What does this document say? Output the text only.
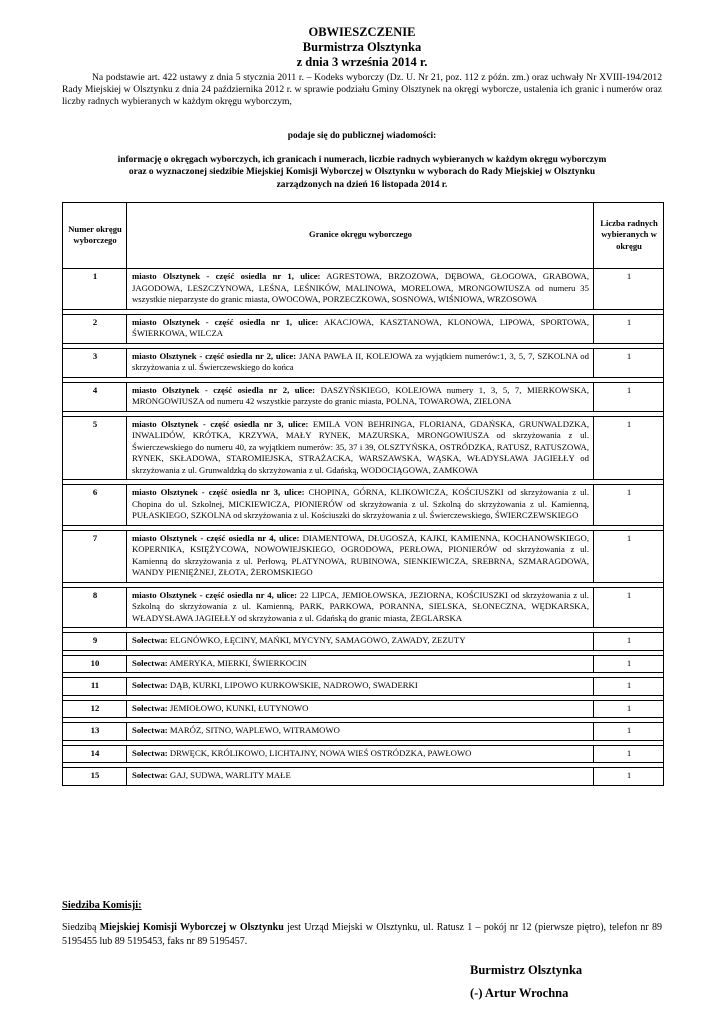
OBWIESZCZENIE
Burmistrza Olsztynka
z dnia 3 września 2014 r.
Na podstawie art. 422 ustawy z dnia 5 stycznia 2011 r. – Kodeks wyborczy (Dz. U. Nr 21, poz. 112 z późn. zm.) oraz uchwały Nr XVIII-194/2012 Rady Miejskiej w Olsztynku z dnia 24 października 2012 r. w sprawie podziału Gminy Olsztynek na okręgi wyborcze, ustalenia ich granic i numerów oraz liczby radnych wybieranych w każdym okręgu wyborczym,
podaje się do publicznej wiadomości:
informację o okręgach wyborczych, ich granicach i numerach, liczbie radnych wybieranych w każdym okręgu wyborczym
oraz o wyznaczonej siedzibie Miejskiej Komisji Wyborczej w Olsztynku w wyborach do Rady Miejskiej w Olsztynku
zarządzonych na dzień 16 listopada 2014 r.
Numer okręgu wyborczego	Granice okręgu wyborczego	Liczba radnych wybieranych w okręgu
1	miasto Olsztynek - część osiedla nr 1, ulice: AGRESTOWA, BRZOZOWA, DĘBOWA, GŁOGOWA, GRABOWA, JAGODOWA, LESZCZYNOWA, LEŚNA, LEŚNIKÓW, MALINOWA, MORELOWA, MRONGOWIUSZA od numeru 35 wszystkie nieparzyste do granic miasta, OWOCOWA, PORZECZKOWA, SOSNOWA, WIŚNIOWA, WRZOSOWA	1

2	miasto Olsztynek - część osiedla nr 1, ulice: AKACJOWA, KASZTANOWA, KLONOWA, LIPOWA, SPORTOWA, ŚWIERKOWA, WILCZA	1

3	miasto Olsztynek - część osiedla nr 2, ulice: JANA PAWŁA II, KOLEJOWA za wyjątkiem numerów:1, 3, 5, 7, SZKOLNA od skrzyżowania z ul. Świerczewskiego do końca	1

4	miasto Olsztynek - część osiedla nr 2, ulice: DASZYŃSKIEGO, KOLEJOWA numery 1, 3, 5, 7, MIERKOWSKA, MRONGOWIUSZA od numeru 42 wszystkie parzyste do granic miasta, POLNA, TOWAROWA, ZIELONA	1

5	miasto Olsztynek - część osiedla nr 3, ulice: EMILA VON BEHRINGA, FLORIANA, GDAŃSKA, GRUNWALDZKA, INWALIDÓW, KRÓTKA, KRZYWA, MAŁY RYNEK, MAZURSKA, MRONGOWIUSZA od skrzyżowania z ul. Świerczewskiego do numeru 40, za wyjątkiem numerów: 35, 37 i 39, OLSZTYŃSKA, OSTRÓDZKA, RATUSZ, RATUSZOWA, RYNEK, SKŁADOWA, STAROMIEJSKA, STRAŻACKA, WARSZAWSKA, WĄSKA, WŁADYSŁAWA JAGIEŁŁY od skrzyżowania z ul. Grunwaldzką do skrzyżowania z ul. Gdańską, WODOCIĄGOWA, ZAMKOWA	1

6	miasto Olsztynek - część osiedla nr 3, ulice: CHOPINA, GÓRNA, KLIKOWICZA, KOŚCIUSZKI od skrzyżowania z ul. Chopina do ul. Szkolnej, MICKIEWICZA, PIONIERÓW od skrzyżowania z ul. Szkolną do skrzyżowania z ul. Kamienną, PUŁASKIEGO, SZKOLNA od skrzyżowania z ul. Kościuszki do skrzyżowania z ul. Świerczewskiego, ŚWIERCZEWSKIEGO	1

7	miasto Olsztynek - część osiedla nr 4, ulice: DIAMENTOWA, DŁUGOSZA, KAJKI, KAMIENNA, KOCHANOWSKIEGO, KOPERNIKA, KSIĘŻYCOWA, NOWOWIEJSKIEGO, OGRODOWA, PERŁOWA, PIONIERÓW od skrzyżowania z ul. Kamienną do skrzyżowania z ul. Perłową, PLATYNOWA, RUBINOWA, SIENKIEWICZA, SREBRNA, SZMARAGDOWA, WANDY PIENIĘŻNEJ, ZŁOTA, ŻEROMSKIEGO	1

8	miasto Olsztynek - część osiedla nr 4, ulice: 22 LIPCA, JEMIOŁOWSKA, JEZIORNA, KOŚCIUSZKI od skrzyżowania z ul. Szkolną do skrzyżowania z ul. Kamienną, PARK, PARKOWA, PORANNA, SIELSKA, SŁONECZNA, WĘDKARSKA, WŁADYSŁAWA JAGIEŁŁY od skrzyżowania z ul. Gdańską do granic miasta, ŻEGLARSKA	1

9	Sołectwa: ELGNÓWKO, ŁĘCINY, MAŃKI, MYCYNY, SAMAGOWO, ZAWADY, ZEZUTY	1

10	Sołectwa: AMERYKA, MIERKI, ŚWIERKOCIN	1

11	Sołectwa: DĄB, KURKI, LIPOWO KURKOWSKIE, NADROWO, SWADERKI	1

12	Sołectwa: JEMIOŁOWO, KUNKI, ŁUTYNOWO	1

13	Sołectwa: MARÓZ, SITNO, WAPLEWO, WITRAMOWO	1

14	Sołectwa: DRWĘCK, KRÓLIKOWO, LICHTAJNY, NOWA WIEŚ OSTRÓDZKA, PAWŁOWO	1

15	Sołectwa: GAJ, SUDWA, WARLITY MAŁE	1
Siedziba Komisji:
Siedzibą Miejskiej Komisji Wyborczej w Olsztynku jest Urząd Miejski w Olsztynku, ul. Ratusz 1 – pokój nr 12 (pierwsze piętro), telefon nr 89 5195455 lub 89 5195453, faks nr 89 5195457.
Burmistrz Olsztynka
(-) Artur Wrochna
